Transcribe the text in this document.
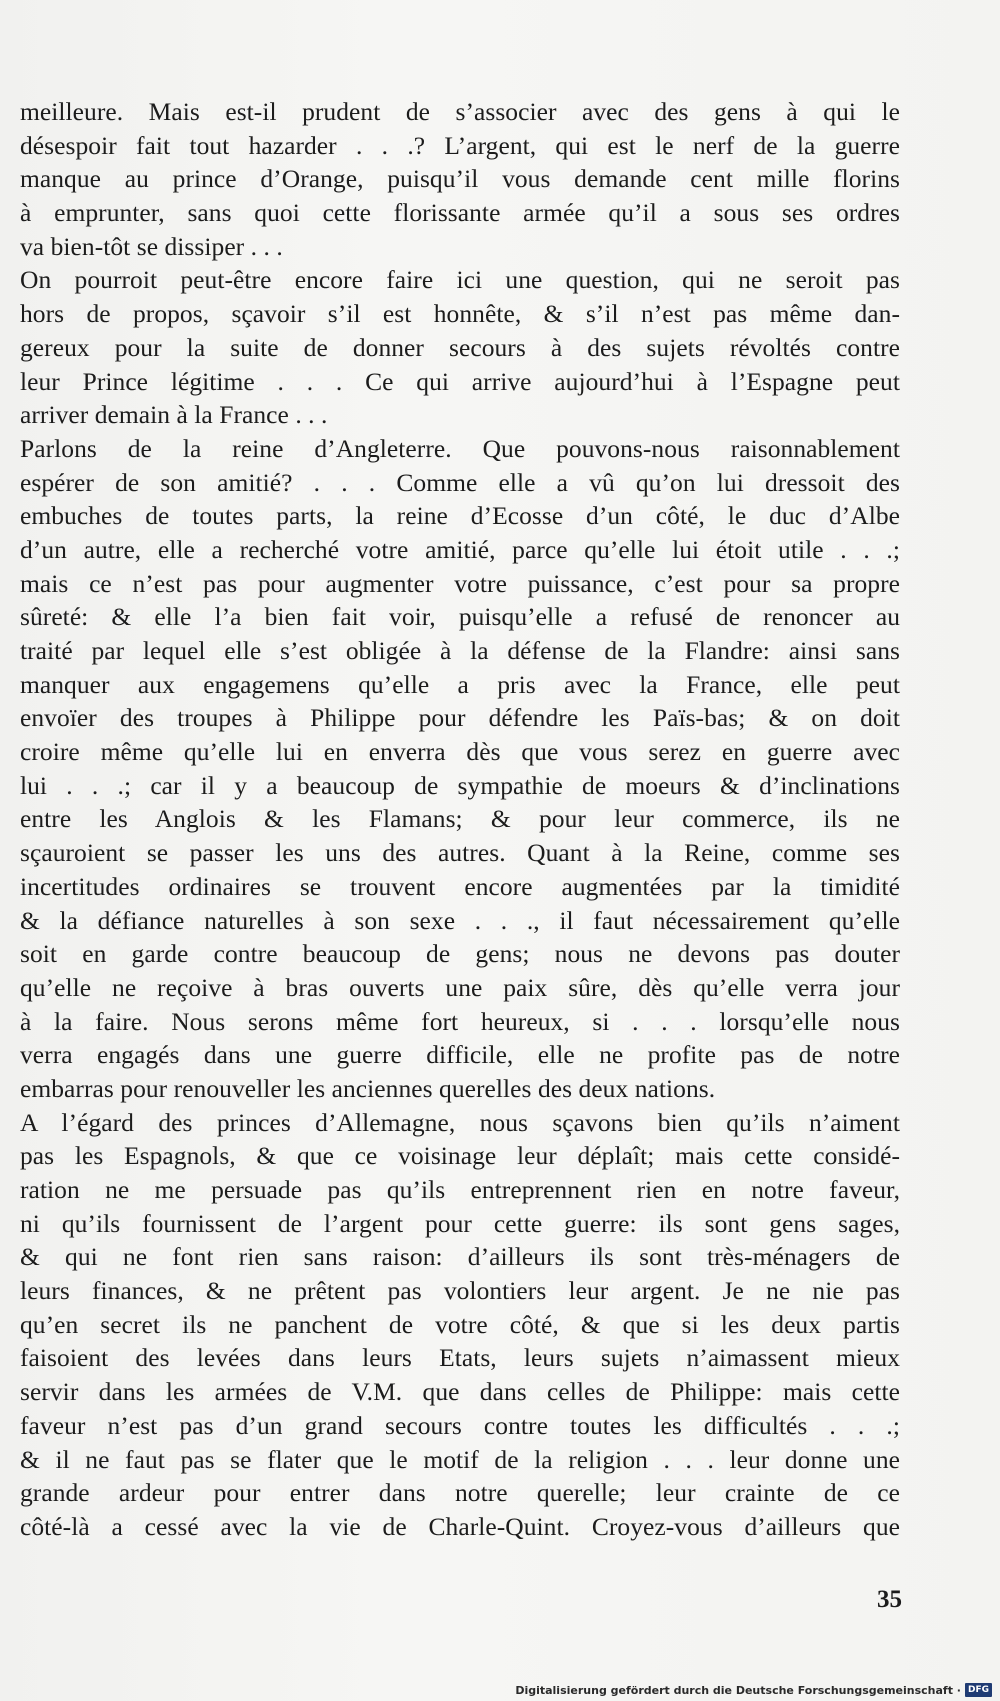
meilleure. Mais est-il prudent de s’associer avec des gens à qui le
désespoir fait tout hazarder . . .? L’argent, qui est le nerf de la guerre
manque au prince d’Orange, puisqu’il vous demande cent mille florins
à emprunter, sans quoi cette florissante armée qu’il a sous ses ordres
va bien-tôt se dissiper . . .
On pourroit peut-être encore faire ici une question, qui ne seroit pas
hors de propos, sçavoir s’il est honnête, & s’il n’est pas même dan-
gereux pour la suite de donner secours à des sujets révoltés contre
leur Prince légitime . . . Ce qui arrive aujourd’hui à l’Espagne peut
arriver demain à la France . . .
Parlons de la reine d’Angleterre. Que pouvons-nous raisonnablement
espérer de son amitié? . . . Comme elle a vû qu’on lui dressoit des
embuches de toutes parts, la reine d’Ecosse d’un côté, le duc d’Albe
d’un autre, elle a recherché votre amitié, parce qu’elle lui étoit utile . . .;
mais ce n’est pas pour augmenter votre puissance, c’est pour sa propre
sûreté: & elle l’a bien fait voir, puisqu’elle a refusé de renoncer au
traité par lequel elle s’est obligée à la défense de la Flandre: ainsi sans
manquer aux engagemens qu’elle a pris avec la France, elle peut
envoïer des troupes à Philippe pour défendre les Païs-bas; & on doit
croire même qu’elle lui en enverra dès que vous serez en guerre avec
lui . . .; car il y a beaucoup de sympathie de moeurs & d’inclinations
entre les Anglois & les Flamans; & pour leur commerce, ils ne
sçauroient se passer les uns des autres. Quant à la Reine, comme ses
incertitudes ordinaires se trouvent encore augmentées par la timidité
& la défiance naturelles à son sexe . . ., il faut nécessairement qu’elle
soit en garde contre beaucoup de gens; nous ne devons pas douter
qu’elle ne reçoive à bras ouverts une paix sûre, dès qu’elle verra jour
à la faire. Nous serons même fort heureux, si . . . lorsqu’elle nous
verra engagés dans une guerre difficile, elle ne profite pas de notre
embarras pour renouveller les anciennes querelles des deux nations.
A l’égard des princes d’Allemagne, nous sçavons bien qu’ils n’aiment
pas les Espagnols, & que ce voisinage leur déplaît; mais cette considé-
ration ne me persuade pas qu’ils entreprennent rien en notre faveur,
ni qu’ils fournissent de l’argent pour cette guerre: ils sont gens sages,
& qui ne font rien sans raison: d’ailleurs ils sont très-ménagers de
leurs finances, & ne prêtent pas volontiers leur argent. Je ne nie pas
qu’en secret ils ne panchent de votre côté, & que si les deux partis
faisoient des levées dans leurs Etats, leurs sujets n’aimassent mieux
servir dans les armées de V.M. que dans celles de Philippe: mais cette
faveur n’est pas d’un grand secours contre toutes les difficultés . . .;
& il ne faut pas se flater que le motif de la religion . . . leur donne une
grande ardeur pour entrer dans notre querelle; leur crainte de ce
côté-là a cessé avec la vie de Charle-Quint. Croyez-vous d’ailleurs que
35
Digitalisierung gefördert durch die Deutsche Forschungsgemeinschaft · DFG
